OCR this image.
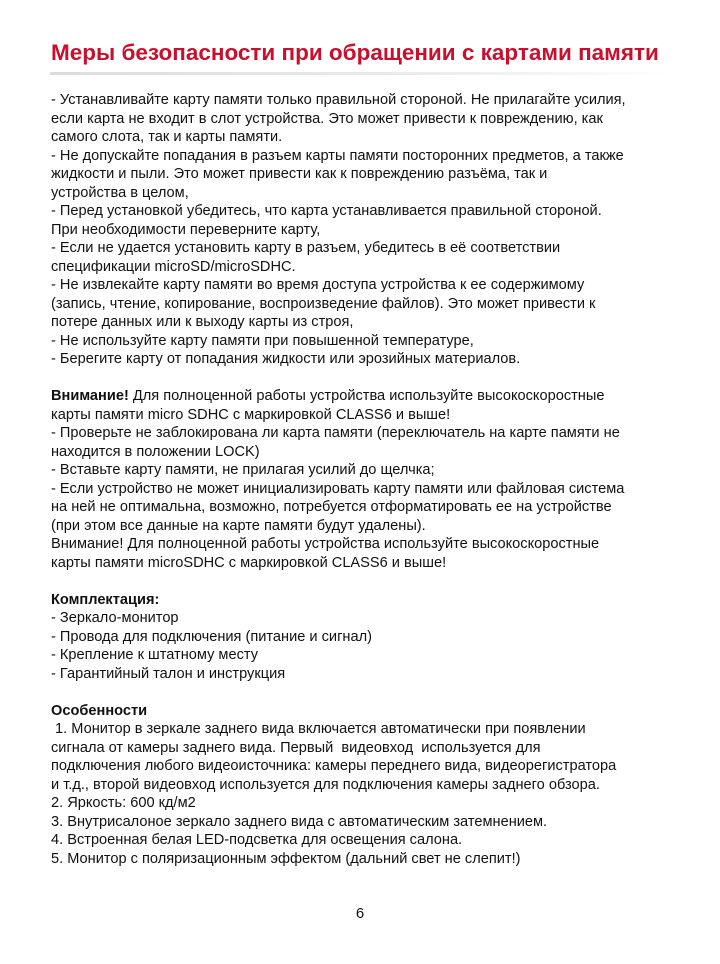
Меры безопасности при обращении с картами памяти

- Устанавливайте карту памяти только правильной стороной. Не прилагайте усилия,

если карта не входит в слот устройства. Это может привести к повреждению, как

самого слота, так и карты памяти.

- Не допускайте попадания в разъем карты памяти посторонних предметов, а также

жидкости и пыли. Это может привести как к повреждению разъёма, так и

устройства в целом,

- Перед установкой убедитесь, что карта устанавливается правильной стороной.

При необходимости переверните карту,

- Если не удается установить карту в разъем, убедитесь в её соответствии

спецификации microSD/microSDHC.

- Не извлекайте карту памяти во время доступа устройства к ее содержимому

(запись, чтение, копирование, воспроизведение файлов). Это может привести к

потере данных или к выходу карты из строя,

- Не используйте карту памяти при повышенной температуре,

- Берегите карту от попадания жидкости или эрозийных материалов.

Внимание! Для полноценной работы устройства используйте высокоскоростные

карты памяти micro SDHC с маркировкой CLASS6 и выше!

- Проверьте не заблокирована ли карта памяти (переключатель на карте памяти не

находится в положении LOCK)

- Вставьте карту памяти, не прилагая усилий до щелчка;

- Если устройство не может инициализировать карту памяти или файловая система

на ней не оптимальна, возможно, потребуется отформатировать ее на устройстве

(при этом все данные на карте памяти будут удалены).

Внимание! Для полноценной работы устройства используйте высокоскоростные

карты памяти microSDHC с маркировкой CLASS6 и выше!

Комплектация:

- Зеркало-монитор

- Провода для подключения (питание и сигнал)

- Крепление к штатному месту

- Гарантийный талон и инструкция

Особенности

1. Монитор в зеркале заднего вида включается автоматически при появлении

сигнала от камеры заднего вида. Первый  видеовход  используется для

подключения любого видеоисточника: камеры переднего вида, видеорегистратора

и т.д., второй видеовход используется для подключения камеры заднего обзора.

2. Яркость: 600 кд/м2

3. Внутрисалоное зеркало заднего вида с автоматическим затемнением.

4. Встроенная белая LED-подсветка для освещения салона.

5. Монитор с поляризационным эффектом (дальний свет не слепит!)

6
